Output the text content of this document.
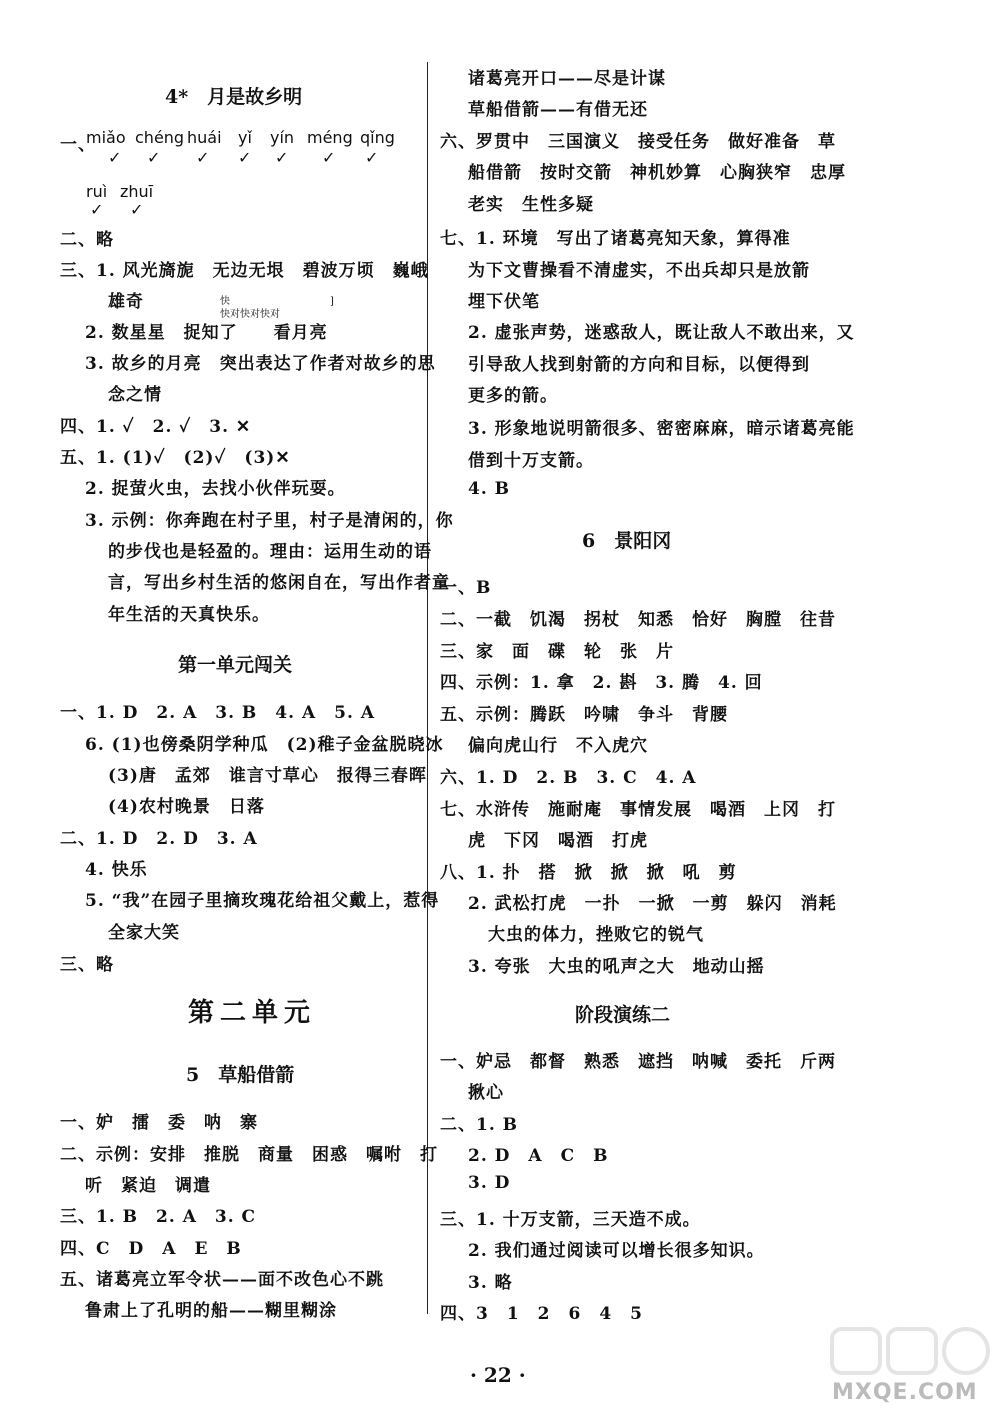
4*　 月是故乡明
一、
miǎo chéng huái yǐ yín méng qǐng
✓ ✓ ✓ ✓ ✓ ✓ ✓
ruì zhuī
✓ ✓
二、略
三、1. 风光旖旎　无边无垠　碧波万顷　巍峨
雄奇	快　　　　　　　　　　]
快对快对快对
2. 数星星　捉知了　　看月亮
3. 故乡的月亮　突出表达了作者对故乡的思
念之情
四、1. ✓　2. ✓　3. ✕
五、1. (1)✓　(2)✓　(3)✕
2. 捉萤火虫，去找小伙伴玩耍。
3. 示例：你奔跑在村子里，村子是清闲的，你
的步伐也是轻盈的。理由：运用生动的语
言，写出乡村生活的悠闲自在，写出作者童
年生活的天真快乐。
第一单元闯关
一、1. D　2. A　3. B　4. A　5. A
6. (1)也傍桑阴学种瓜　(2)稚子金盆脱晓冰
(3)唐　孟郊　谁言寸草心　报得三春晖
(4)农村晚景　日落
二、1. D　2. D　3. A
4. 快乐
5. “我”在园子里摘玫瑰花给祖父戴上，惹得
全家大笑
三、略
第二单元
5　 草船借箭
一、妒　擂　委　呐　寨
二、示例：安排　推脱　商量　困惑　嘱咐　打
听　紧迫　调遣
三、1. B　2. A　3. C
四、C　D　A　E　B
五、诸葛亮立军令状——面不改色心不跳
鲁肃上了孔明的船——糊里糊涂
诸葛亮开口——尽是计谋
草船借箭——有借无还
六、罗贯中　三国演义　接受任务　做好准备　草
船借箭　按时交箭　神机妙算　心胸狭窄　忠厚
老实　生性多疑
七、1. 环境　写出了诸葛亮知天象，算得准
为下文曹操看不清虚实，不出兵却只是放箭
埋下伏笔
2. 虚张声势，迷惑敌人，既让敌人不敢出来，又
引导敌人找到射箭的方向和目标，以便得到
更多的箭。
3. 形象地说明箭很多、密密麻麻，暗示诸葛亮能
借到十万支箭。
4. B
6　 景阳冈
一、B
二、一截　饥渴　拐杖　知悉　恰好　胸膛　往昔
三、家　面　碟　轮　张　片
四、示例：1. 拿　2. 斟　3. 腾　4. 回
五、示例：腾跃　吟啸　争斗　背腰
偏向虎山行　不入虎穴
六、1. D　2. B　3. C　4. A
七、水浒传　施耐庵　事情发展　喝酒　上冈　打
虎　下冈　喝酒　打虎
八、1. 扑　搭　掀　掀　掀　吼　剪
2. 武松打虎　一扑　一掀　一剪　躲闪　消耗
大虫的体力，挫败它的锐气
3. 夸张　大虫的吼声之大　地动山摇
阶段演练二
一、妒忌　都督　熟悉　遮挡　呐喊　委托　斤两
揪心
二、1. B
2. D　A　C　B
3. D
三、1. 十万支箭，三天造不成。
2. 我们通过阅读可以增长很多知识。
3. 略
四、3　1　2　6　4　5
· 22 ·
MXQE.COM
